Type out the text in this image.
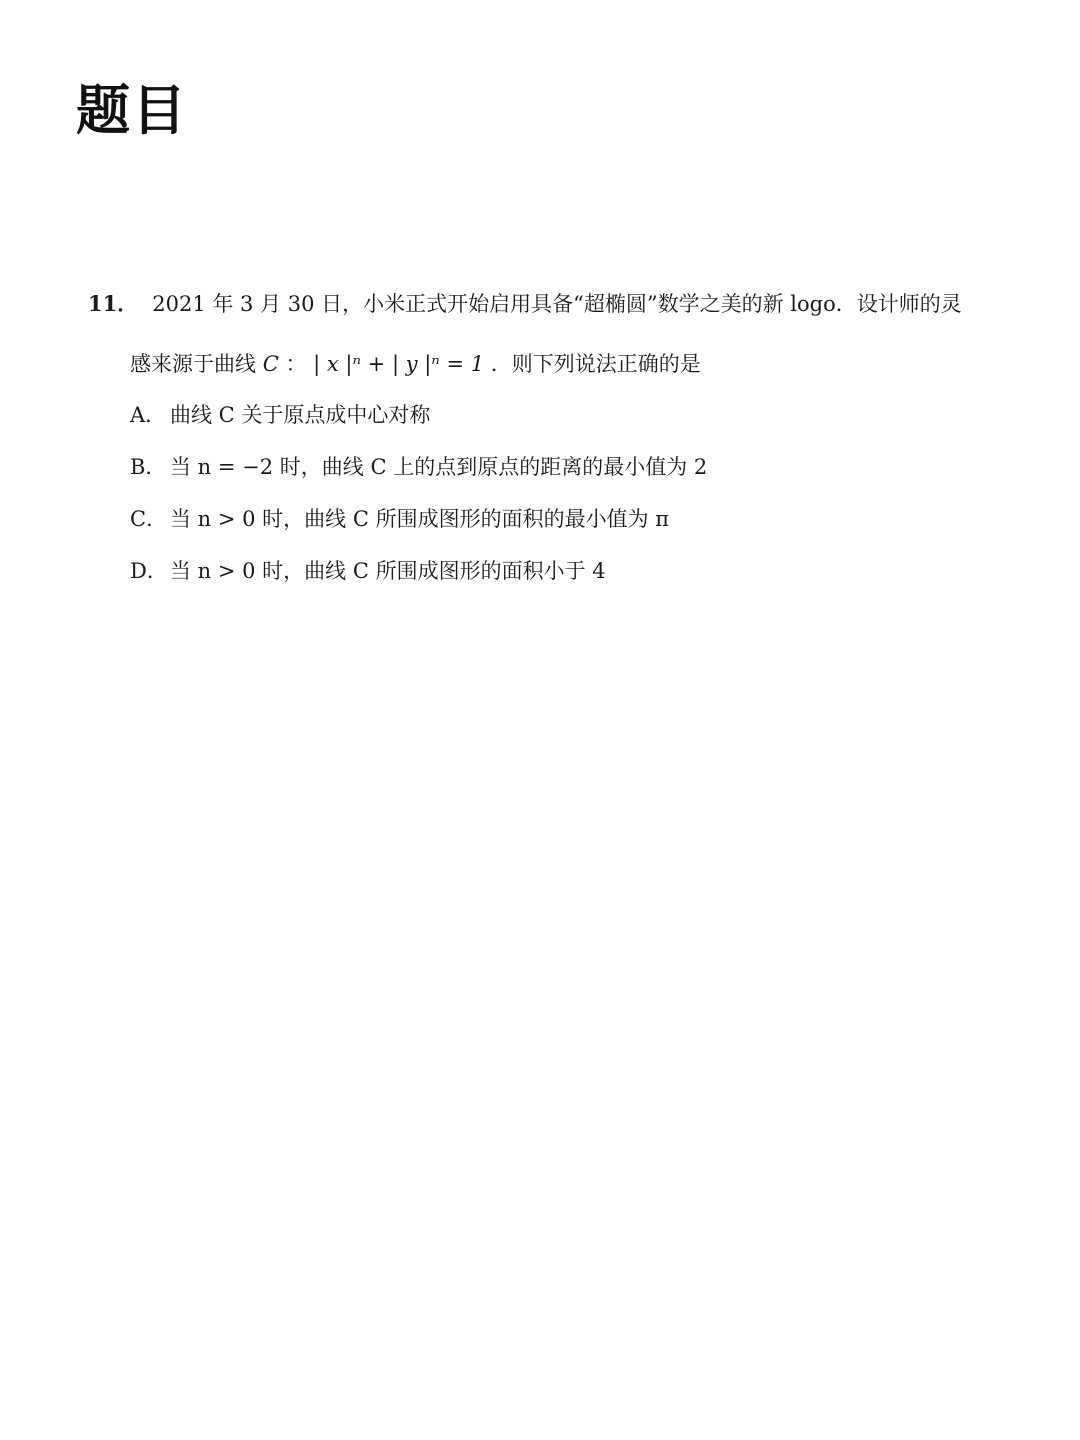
题目
11． 2021 年 3 月 30 日，小米正式开始启用具备“超椭圆”数学之美的新 logo．设计师的灵
感来源于曲线 C ： | x |ⁿ + | y |ⁿ = 1 ．则下列说法正确的是
A． 曲线 C 关于原点成中心对称
B． 当 n = −2 时，曲线 C 上的点到原点的距离的最小值为 2
C． 当 n > 0 时，曲线 C 所围成图形的面积的最小值为 π
D． 当 n > 0 时，曲线 C 所围成图形的面积小于 4
